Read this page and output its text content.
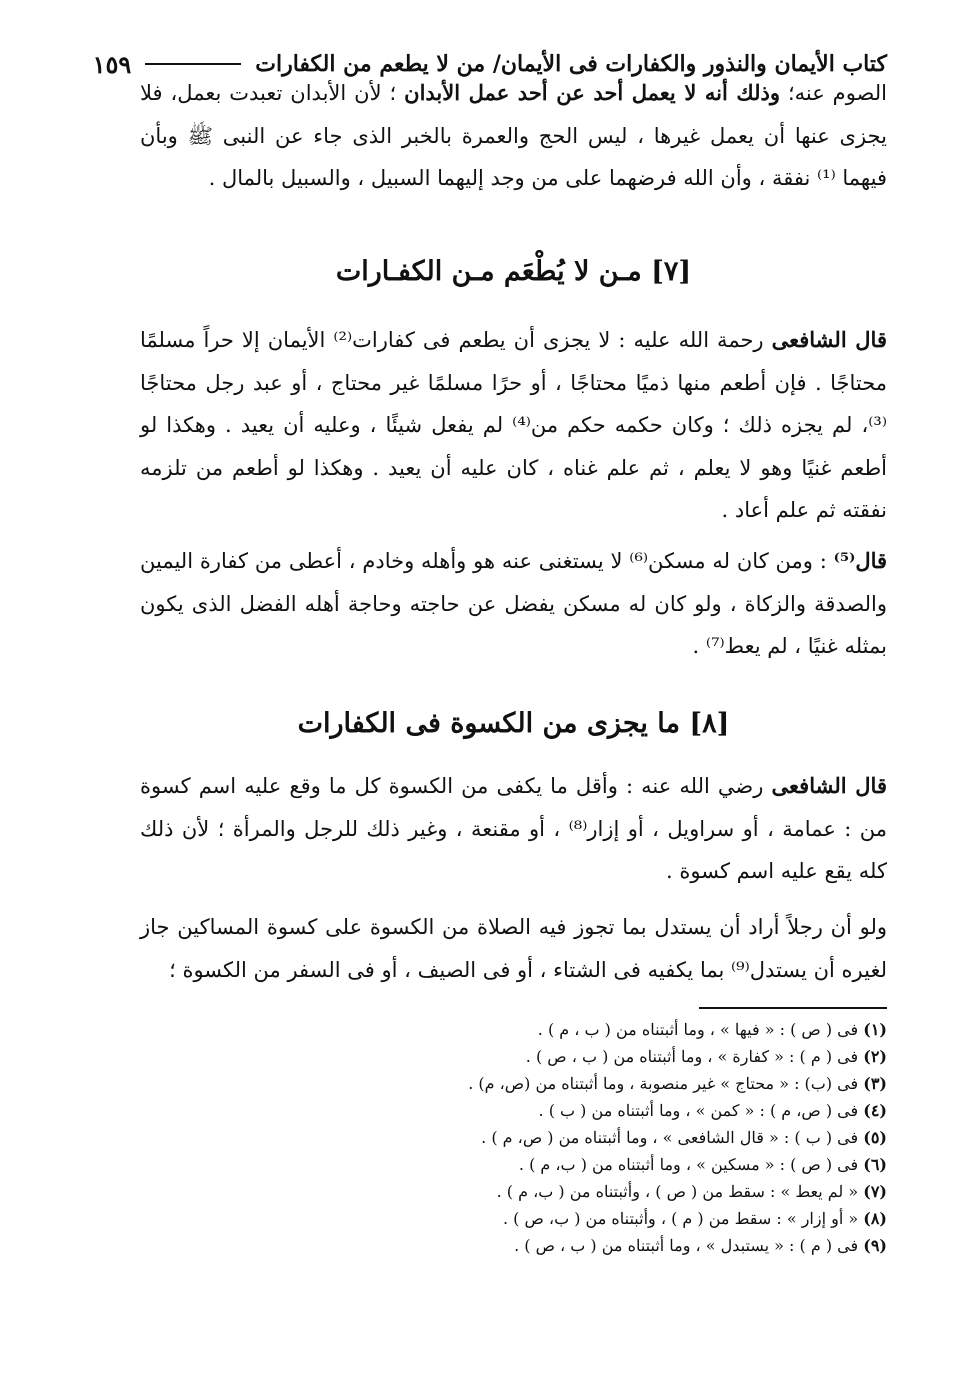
كتاب الأيمان والنذور والكفارات فى الأيمان/ من لا يطعم من الكفارات
١٥٩

الصوم عنه؛ وذلك أنه لا يعمل أحد عن أحد عمل الأبدان ؛ لأن الأبدان تعبدت بعمل، فلا يجزى عنها أن يعمل غيرها ، ليس الحج والعمرة بالخبر الذى جاء عن النبى ﷺ وبأن فيهما ⁽¹⁾ نفقة ، وأن الله فرضهما على من وجد إليهما السبيل ، والسبيل بالمال .

[٧] مـن لا يُطْعَم مـن الكفـارات

قال الشافعى رحمة الله عليه : لا يجزى أن يطعم فى كفارات⁽²⁾ الأيمان إلا حراً مسلمًا محتاجًا . فإن أطعم منها ذميًا محتاجًا ، أو حرًا مسلمًا غير محتاج ، أو عبد رجل محتاجًا ⁽³⁾، لم يجزه ذلك ؛ وكان حكمه حكم من⁽⁴⁾ لم يفعل شيئًا ، وعليه أن يعيد . وهكذا لو أطعم غنيًا وهو لا يعلم ، ثم علم غناه ، كان عليه أن يعيد . وهكذا لو أطعم من تلزمه نفقته ثم علم أعاد .

قال⁽⁵⁾ : ومن كان له مسكن⁽⁶⁾ لا يستغنى عنه هو وأهله وخادم ، أعطى من كفارة اليمين والصدقة والزكاة ، ولو كان له مسكن يفضل عن حاجته وحاجة أهله الفضل الذى يكون بمثله غنيًا ، لم يعط⁽⁷⁾ .

[٨] ما يجزى من الكسوة فى الكفارات

قال الشافعى رضي الله عنه : وأقل ما يكفى من الكسوة كل ما وقع عليه اسم كسوة من : عمامة ، أو سراويل ، أو إزار⁽⁸⁾ ، أو مقنعة ، وغير ذلك للرجل والمرأة ؛ لأن ذلك كله يقع عليه اسم كسوة .

ولو أن رجلاً أراد أن يستدل بما تجوز فيه الصلاة من الكسوة على كسوة المساكين جاز لغيره أن يستدل⁽⁹⁾ بما يكفيه فى الشتاء ، أو فى الصيف ، أو فى السفر من الكسوة ؛

(١) فى ( ص ) : « فيها » ، وما أثبتناه من ( ب ، م ) .
(٢) فى ( م ) : « كفارة » ، وما أثبتناه من ( ب ، ص ) .
(٣) فى (ب) : « محتاج » غير منصوبة ، وما أثبتناه من (ص، م) .
(٤) فى ( ص، م ) : « كمن » ، وما أثبتناه من ( ب ) .
(٥) فى ( ب ) : « قال الشافعى » ، وما أثبتناه من ( ص، م ) .
(٦) فى ( ص ) : « مسكين » ، وما أثبتناه من ( ب، م ) .
(٧) « لم يعط » : سقط من ( ص ) ، وأثبتناه من ( ب، م ) .
(٨) « أو إزار » : سقط من ( م ) ، وأثبتناه من ( ب، ص ) .
(٩) فى ( م ) : « يستبدل » ، وما أثبتناه من ( ب ، ص ) .
